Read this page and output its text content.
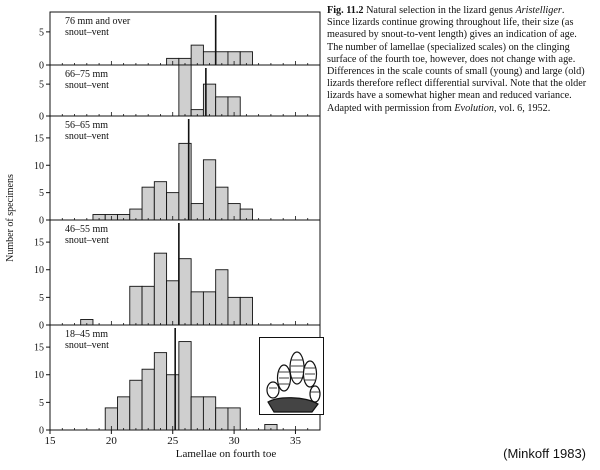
0
5
0
5
0
5
10
15
0
5
10
15
0
5
10
15
15	20	25	30	35
Lamellae on fourth toe
Number of specimens
Fig. 11.2 Natural selection in the lizard genus Aristelliger. Since lizards continue growing throughout life, their size (as measured by snout-to-vent length) gives an indication of age. The number of lamellae (specialized scales) on the clinging surface of the fourth toe, however, does not change with age. Differences in the scale counts of small (young) and large (old) lizards therefore reflect differential survival. Note that the older lizards have a somewhat higher mean and reduced variance. Adapted with permission from Evolution, vol. 6, 1952.
(Minkoff 1983)
76 mm and over
snout–vent
66–75 mm
snout–vent
56–65 mm
snout–vent
46–55 mm
snout–vent
18–45 mm
snout–vent
